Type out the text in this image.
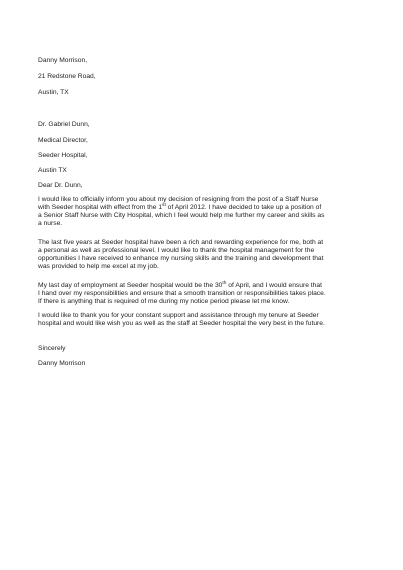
Danny Morrison,
21 Redstone Road,
Austin, TX
Dr. Gabriel Dunn,
Medical Director,
Seeder Hospital,
Austin TX
Dear Dr. Dunn,
I would like to officially inform you about my decision of resigning from the post of a Staff Nurse
with Seeder hospital with effect from the 1st of April 2012. I have decided to take up a position of
a Senior Staff Nurse with City Hospital, which I feel would help me further my career and skills as
a nurse.
The last five years at Seeder hospital have been a rich and rewarding experience for me, both at
a personal as well as professional level. I would like to thank the hospital management for the
opportunities I have received to enhance my nursing skills and the training and development that
was provided to help me excel at my job.
My last day of employment at Seeder hospital would be the 30th of April, and I would ensure that
I hand over my responsibilities and ensure that a smooth transition or responsibilities takes place.
If there is anything that is required of me during my notice period please let me know.
I would like to thank you for your constant support and assistance through my tenure at Seeder
hospital and would like wish you as well as the staff at Seeder hospital the very best in the future.
Sincerely
Danny Morrison
